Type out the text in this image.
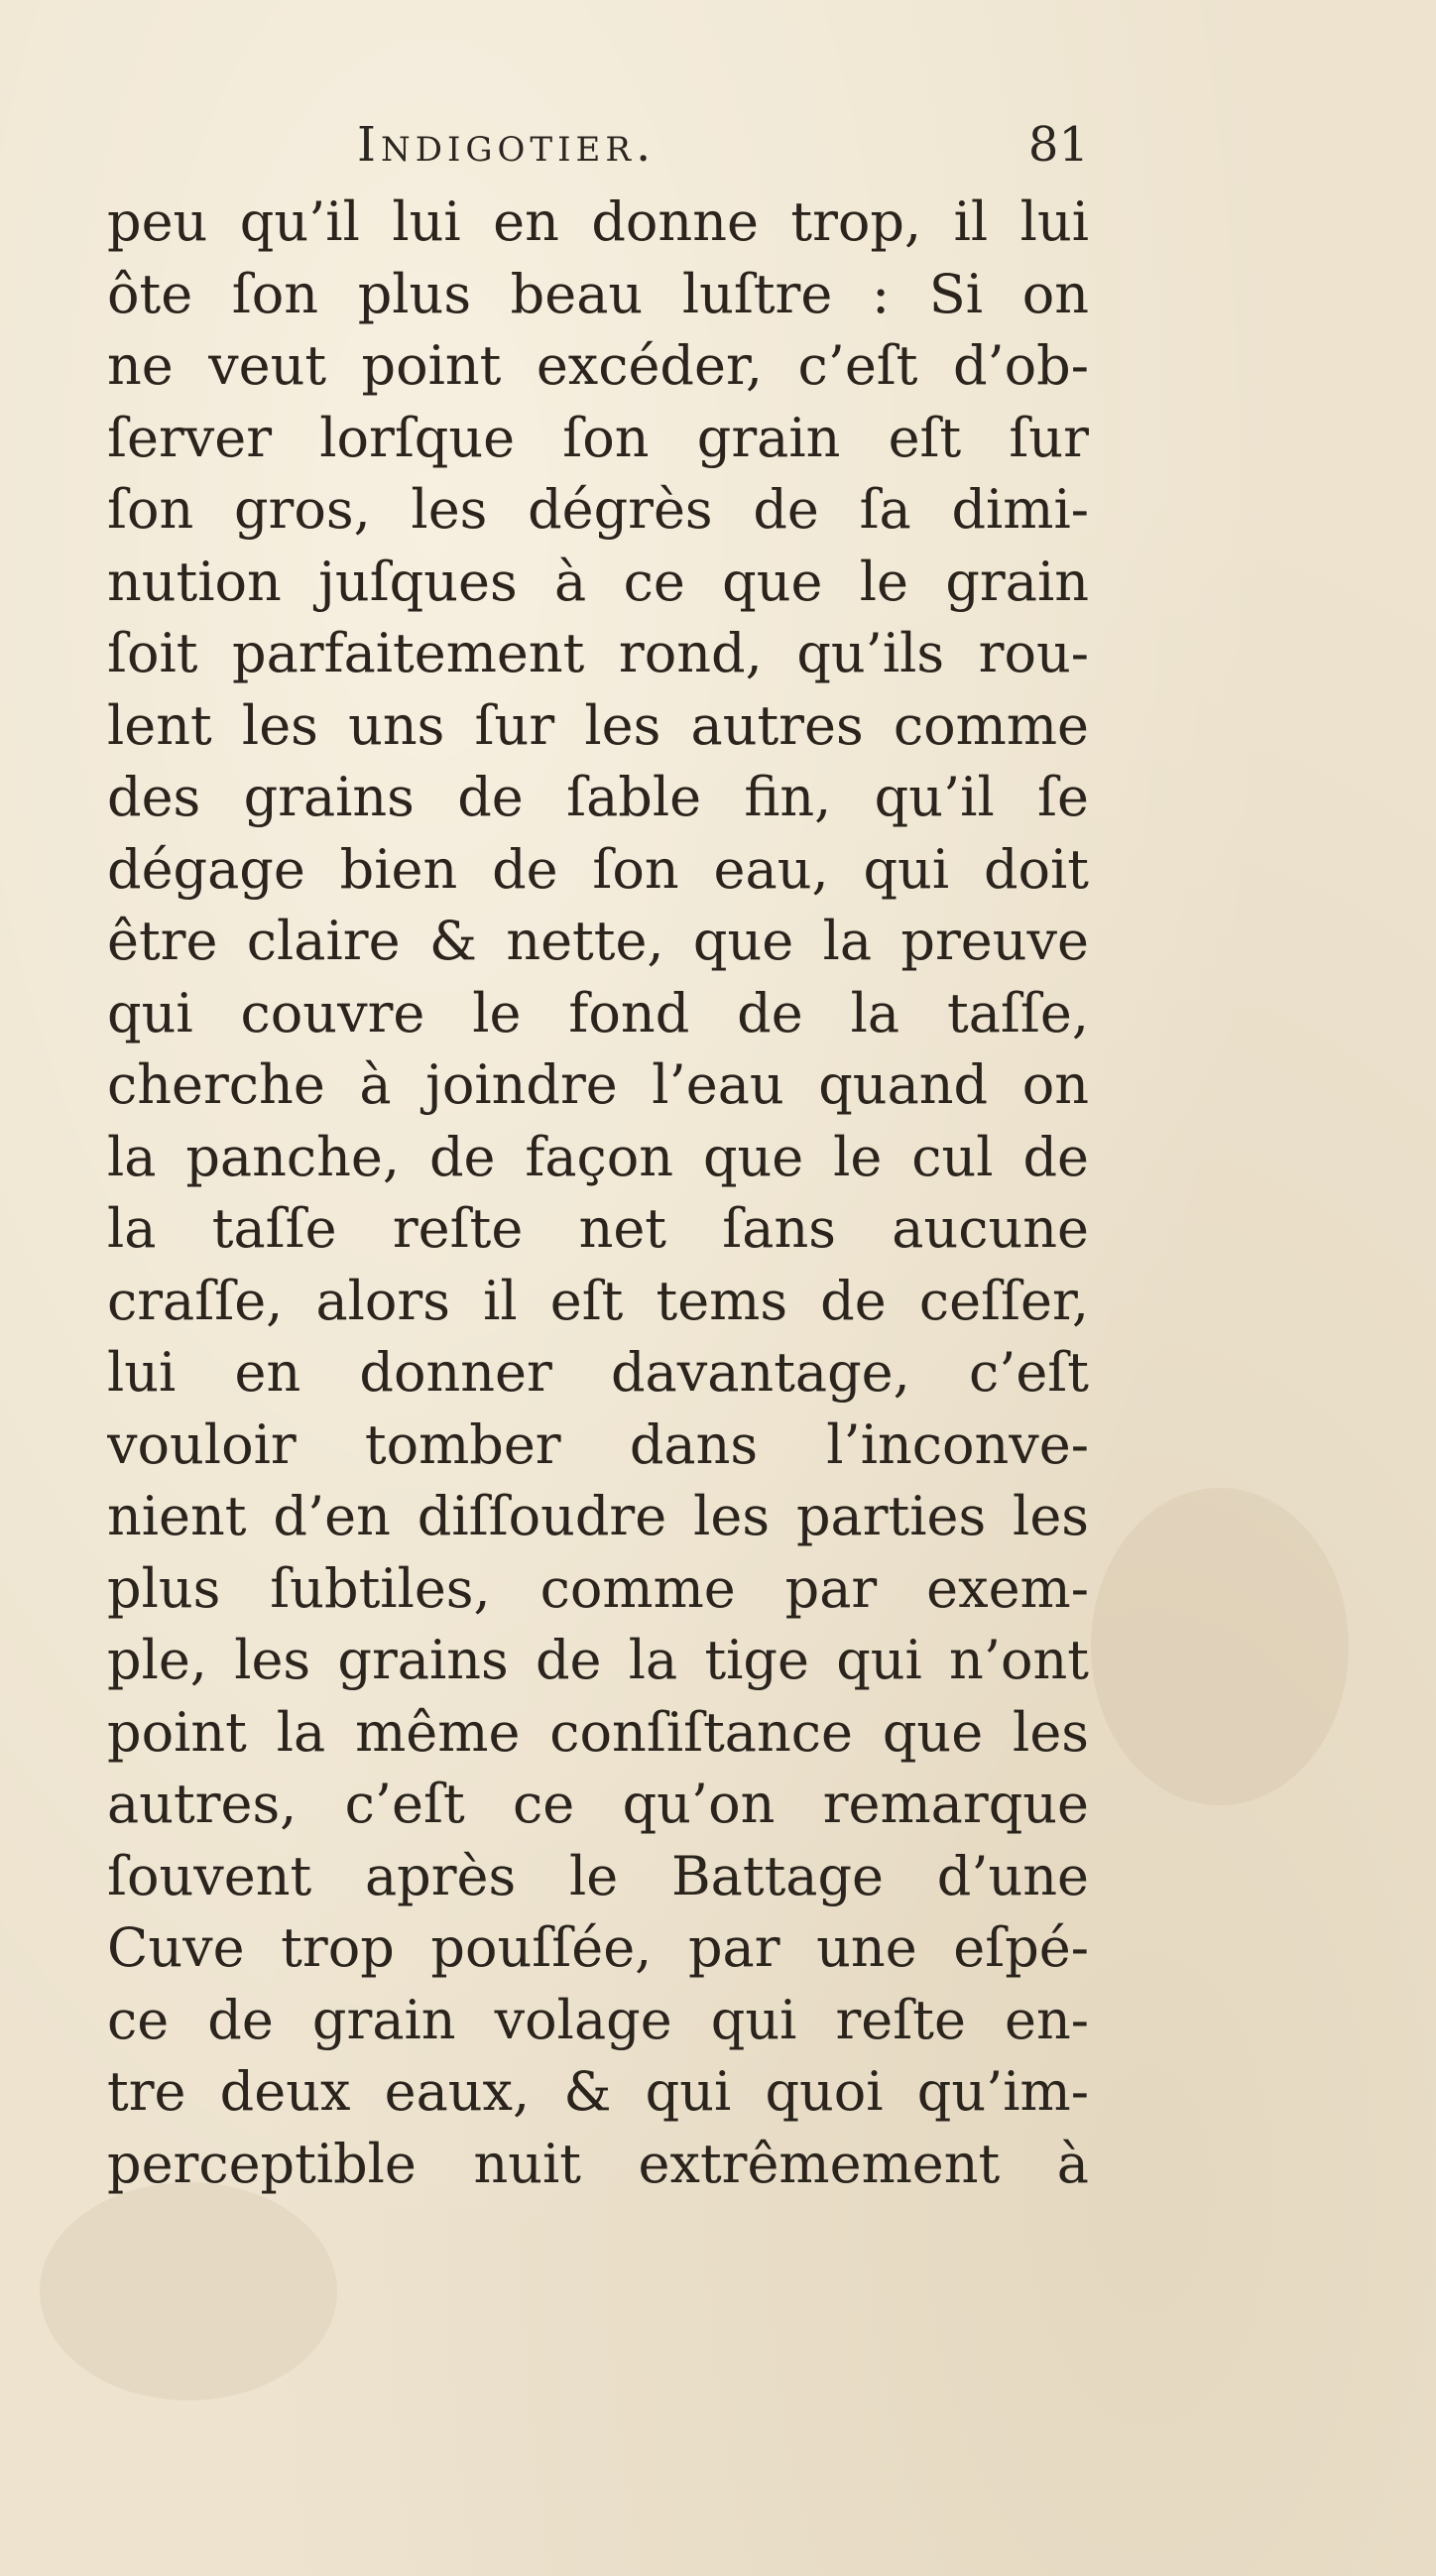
Indigotier.	81
peu qu’il lui en donne trop, il lui
ôte ſon plus beau luſtre : Si on
ne veut point excéder, c’eſt d’ob-
ſerver lorſque ſon grain eſt ſur
ſon gros, les dégrès de ſa dimi-
nution juſques à ce que le grain
ſoit parfaitement rond, qu’ils rou-
lent les uns ſur les autres comme
des grains de ſable fin, qu’il ſe
dégage bien de ſon eau, qui doit
être claire & nette, que la preuve
qui couvre le fond de la taſſe,
cherche à joindre l’eau quand on
la panche, de façon que le cul de
la taſſe reſte net ſans aucune
craſſe, alors il eſt tems de ceſſer,
lui en donner davantage, c’eſt
vouloir tomber dans l’inconve-
nient d’en diſſoudre les parties les
plus ſubtiles, comme par exem-
ple, les grains de la tige qui n’ont
point la même conſiſtance que les
autres, c’eſt ce qu’on remarque
ſouvent après le Battage d’une
Cuve trop pouſſée, par une eſpé-
ce de grain volage qui reſte en-
tre deux eaux, & qui quoi qu’im-
perceptible nuit extrêmement à
